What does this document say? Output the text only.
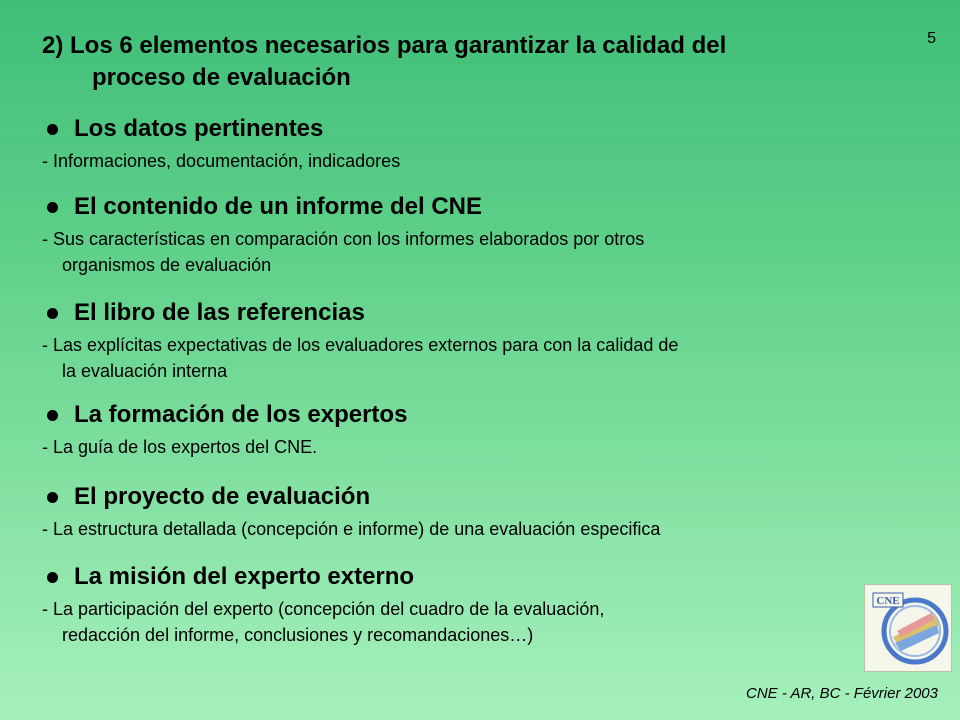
5
2) Los 6 elementos necesarios para garantizar la calidad del
proceso de evaluación
Los datos pertinentes
- Informaciones, documentación, indicadores
El contenido de un informe del CNE
- Sus características en comparación con los informes elaborados por otros
organismos de evaluación
El libro de las referencias
- Las explícitas expectativas de los evaluadores externos para con la calidad de
la evaluación interna
La formación de los expertos
- La guía de los expertos del CNE.
El proyecto de evaluación
- La estructura detallada (concepción e informe) de una evaluación especifica
La misión del experto externo
- La participación del experto (concepción del cuadro de la evaluación,
redacción del informe, conclusiones y recomandaciones…)
CNE
CNE - AR, BC - Février 2003
